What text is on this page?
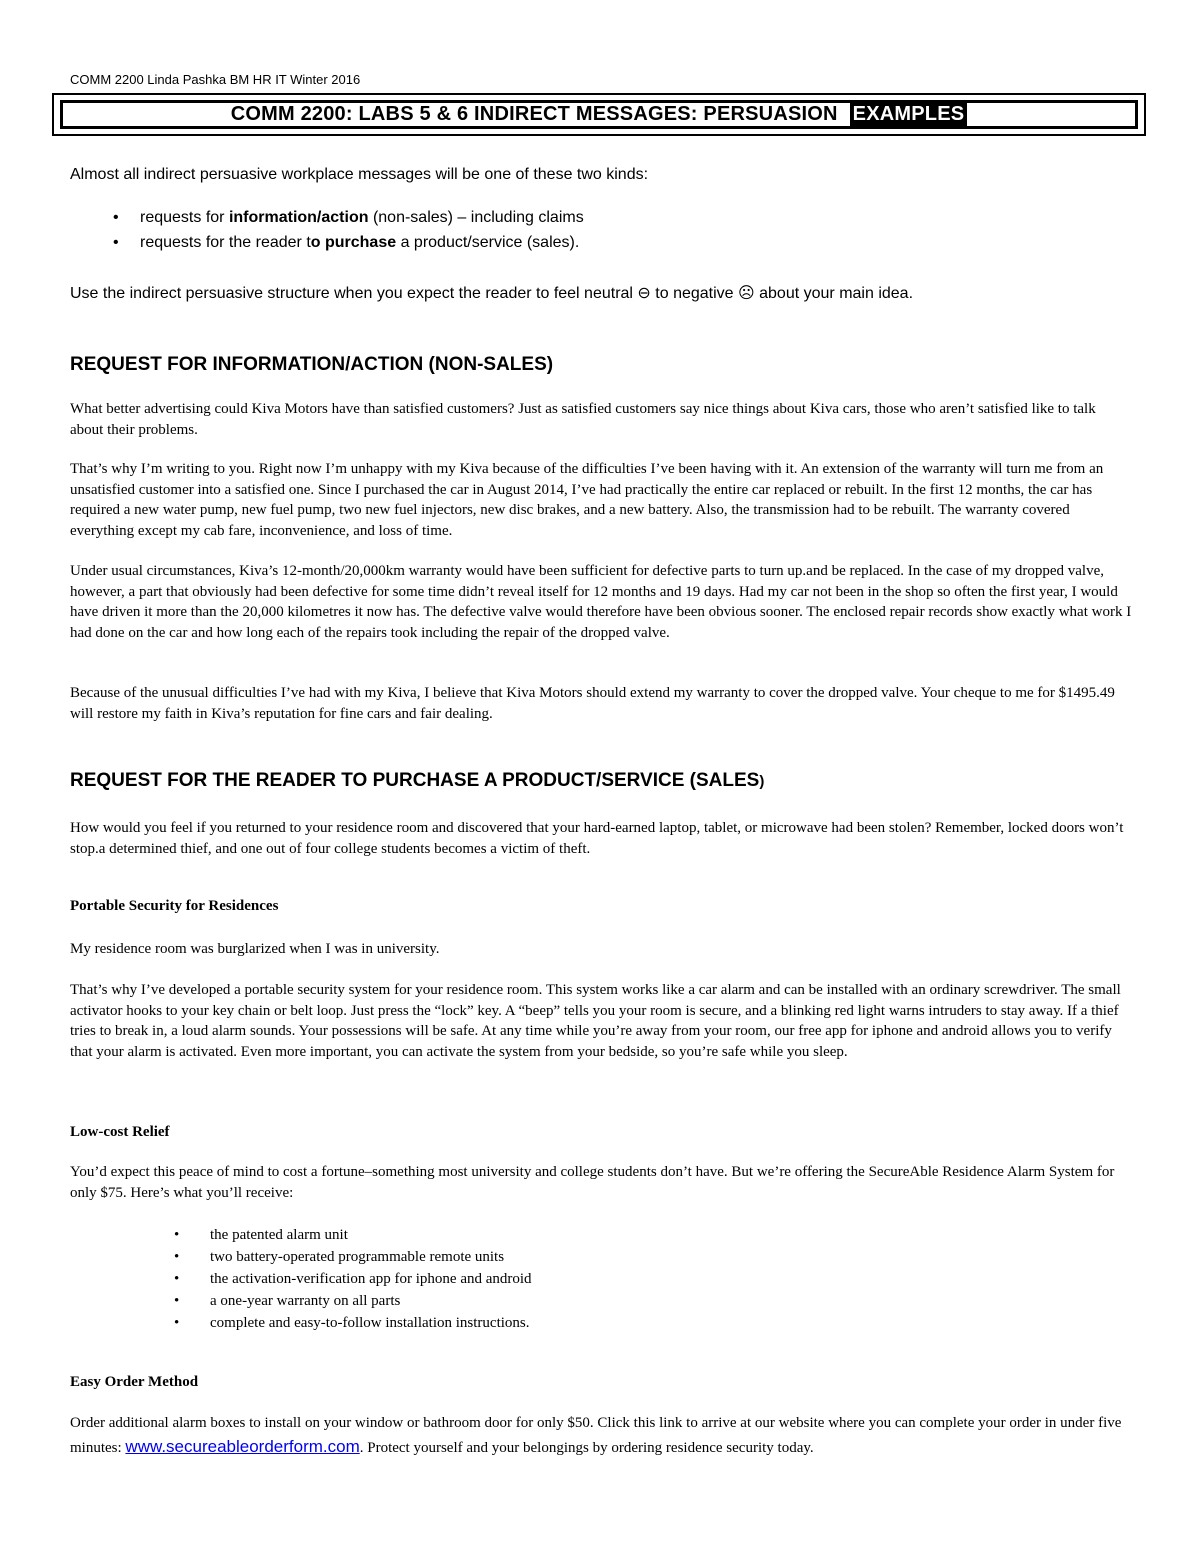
COMM 2200 Linda Pashka BM HR IT Winter 2016
COMM 2200: LABS 5 & 6 INDIRECT MESSAGES: PERSUASION EXAMPLES
Almost all indirect persuasive workplace messages will be one of these two kinds:
•	requests for information/action (non-sales) – including claims
•	requests for the reader to purchase a product/service (sales).
Use the indirect persuasive structure when you expect the reader to feel neutral ⊖ to negative ☹ about your main idea.
REQUEST FOR INFORMATION/ACTION (NON-SALES)
What better advertising could Kiva Motors have than satisfied customers? Just as satisfied customers say nice things about Kiva cars, those who aren’t satisfied like to talk about their problems.
That’s why I’m writing to you. Right now I’m unhappy with my Kiva because of the difficulties I’ve been having with it. An extension of the warranty will turn me from an unsatisfied customer into a satisfied one. Since I purchased the car in August 2014, I’ve had practically the entire car replaced or rebuilt. In the first 12 months, the car has required a new water pump, new fuel pump, two new fuel injectors, new disc brakes, and a new battery. Also, the transmission had to be rebuilt. The warranty covered everything except my cab fare, inconvenience, and loss of time.
Under usual circumstances, Kiva’s 12-month/20,000km warranty would have been sufficient for defective parts to turn up.and be replaced. In the case of my dropped valve, however, a part that obviously had been defective for some time didn’t reveal itself for 12 months and 19 days. Had my car not been in the shop so often the first year, I would have driven it more than the 20,000 kilometres it now has. The defective valve would therefore have been obvious sooner. The enclosed repair records show exactly what work I had done on the car and how long each of the repairs took including the repair of the dropped valve.
Because of the unusual difficulties I’ve had with my Kiva, I believe that Kiva Motors should extend my warranty to cover the dropped valve. Your cheque to me for $1495.49 will restore my faith in Kiva’s reputation for fine cars and fair dealing.
REQUEST FOR THE READER TO PURCHASE A PRODUCT/SERVICE (SALES)
How would you feel if you returned to your residence room and discovered that your hard-earned laptop, tablet, or microwave had been stolen? Remember, locked doors won’t stop.a determined thief, and one out of four college students becomes a victim of theft.
Portable Security for Residences
My residence room was burglarized when I was in university.
That’s why I’ve developed a portable security system for your residence room. This system works like a car alarm and can be installed with an ordinary screwdriver. The small activator hooks to your key chain or belt loop. Just press the “lock” key. A “beep” tells you your room is secure, and a blinking red light warns intruders to stay away. If a thief tries to break in, a loud alarm sounds. Your possessions will be safe. At any time while you’re away from your room, our free app for iphone and android allows you to verify that your alarm is activated. Even more important, you can activate the system from your bedside, so you’re safe while you sleep.
Low-cost Relief
You’d expect this peace of mind to cost a fortune–something most university and college students don’t have. But we’re offering the SecureAble Residence Alarm System for only $75. Here’s what you’ll receive:
•	the patented alarm unit
•	two battery-operated programmable remote units
•	the activation-verification app for iphone and android
•	a one-year warranty on all parts
•	complete and easy-to-follow installation instructions.
Easy Order Method
Order additional alarm boxes to install on your window or bathroom door for only $50. Click this link to arrive at our website where you can complete your order in under five minutes: www.secureableorderform.com. Protect yourself and your belongings by ordering residence security today.
